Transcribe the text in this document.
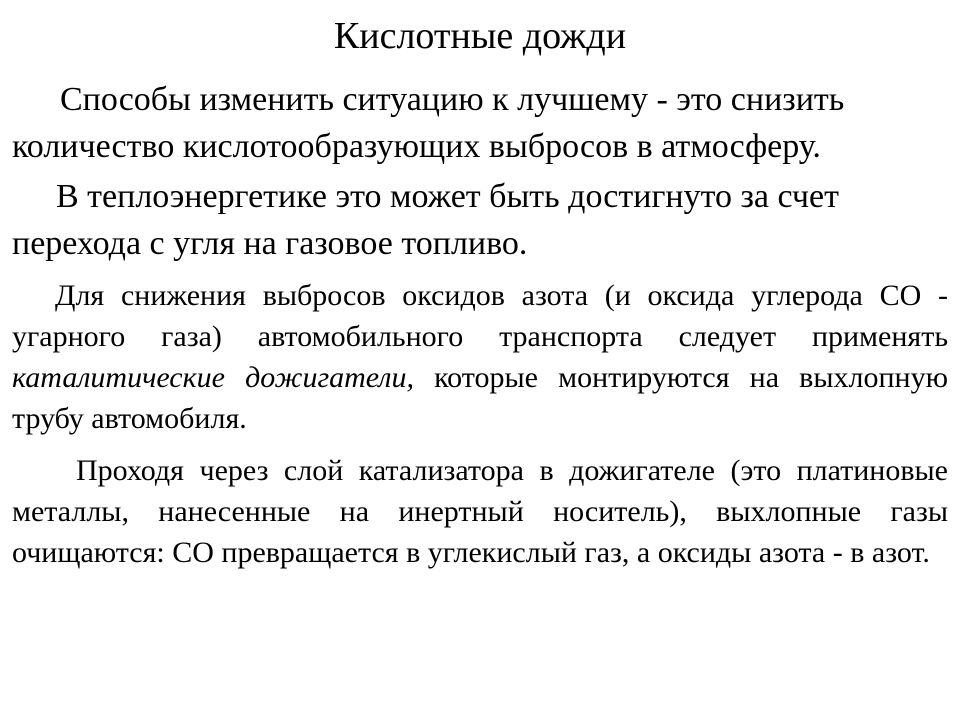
Кислотные дожди

Способы изменить ситуацию к лучшему - это снизить количество кислотообразующих выбросов в атмосферу.

В теплоэнергетике это может быть достигнуто за счет перехода с угля на газовое топливо.

Для снижения выбросов оксидов азота (и оксида углерода СО - угарного газа) автомобильного транспорта следует применять каталитические дожигатели, которые монтируются на выхлопную трубу автомобиля.

Проходя через слой катализатора в дожигателе (это платиновые металлы, нанесенные на инертный носитель), выхлопные газы очищаются: СО превращается в углекислый газ, а оксиды азота - в азот.
